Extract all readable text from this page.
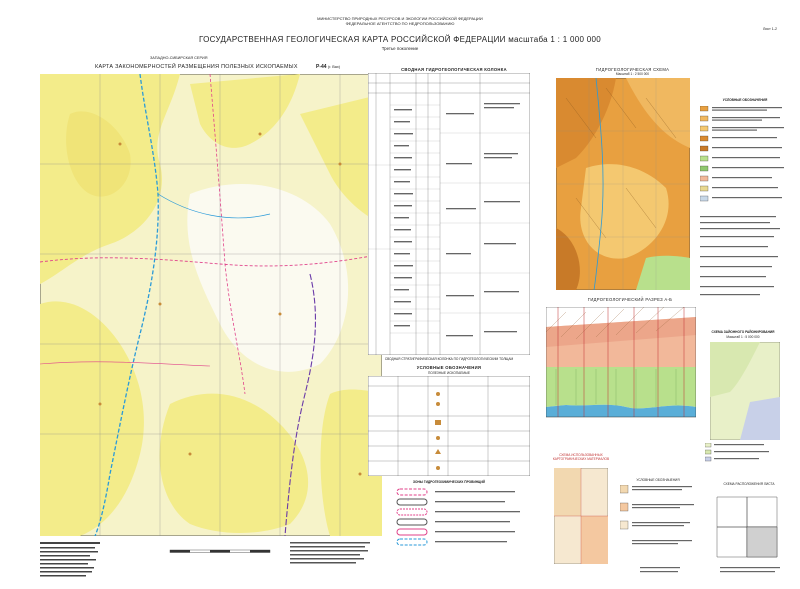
МИНИСТЕРСТВО ПРИРОДНЫХ РЕСУРСОВ И ЭКОЛОГИИ РОССИЙСКОЙ ФЕДЕРАЦИИ
ФЕДЕРАЛЬНОЕ АГЕНТСТВО ПО НЕДРОПОЛЬЗОВАНИЮ
ГОСУДАРСТВЕННАЯ ГЕОЛОГИЧЕСКАЯ КАРТА РОССИЙСКОЙ ФЕДЕРАЦИИ масштаба 1 : 1 000 000
Третье поколение
ЗАПАДНО-СИБИРСКАЯ СЕРИЯ
Лист 1-2
КАРТА ЗАКОНОМЕРНОСТЕЙ РАЗМЕЩЕНИЯ ПОЛЕЗНЫХ ИСКОПАЕМЫХ	P-44 (г. Вах)	СВОДНАЯ ГИДРОГЕОЛОГИЧЕСКАЯ КОЛОНКА
СВОДНАЯ СТРАТИГРАФИЧЕСКАЯ КОЛОНКА ПО ГИДРОГЕОЛОГИЧЕСКИМ ТОЛЩАМ
УСЛОВНЫЕ ОБОЗНАЧЕНИЯ
ПОЛЕЗНЫЕ ИСКОПАЕМЫЕ
ЗОНЫ ГИДРОГЕОХИМИЧЕСКИХ ПРОВИНЦИЙ
ГИДРОГЕОЛОГИЧЕСКАЯ СХЕМА
Масштаб 1 : 2 500 000
УСЛОВНЫЕ ОБОЗНАЧЕНИЯ
ГИДРОГЕОЛОГИЧЕСКИЙ РАЗРЕЗ А-Б
СХЕМА ЗАЙОННОГО РАЙОНИРОВАНИЯ
Масштаб 1 : 5 000 000
СХЕМА ИСПОЛЬЗОВАННЫХ КАРТОГРАФИЧЕСКИХ МАТЕРИАЛОВ
УСЛОВНЫЕ ОБОЗНАЧЕНИЯ
СХЕМА РАСПОЛОЖЕНИЯ ЛИСТА
